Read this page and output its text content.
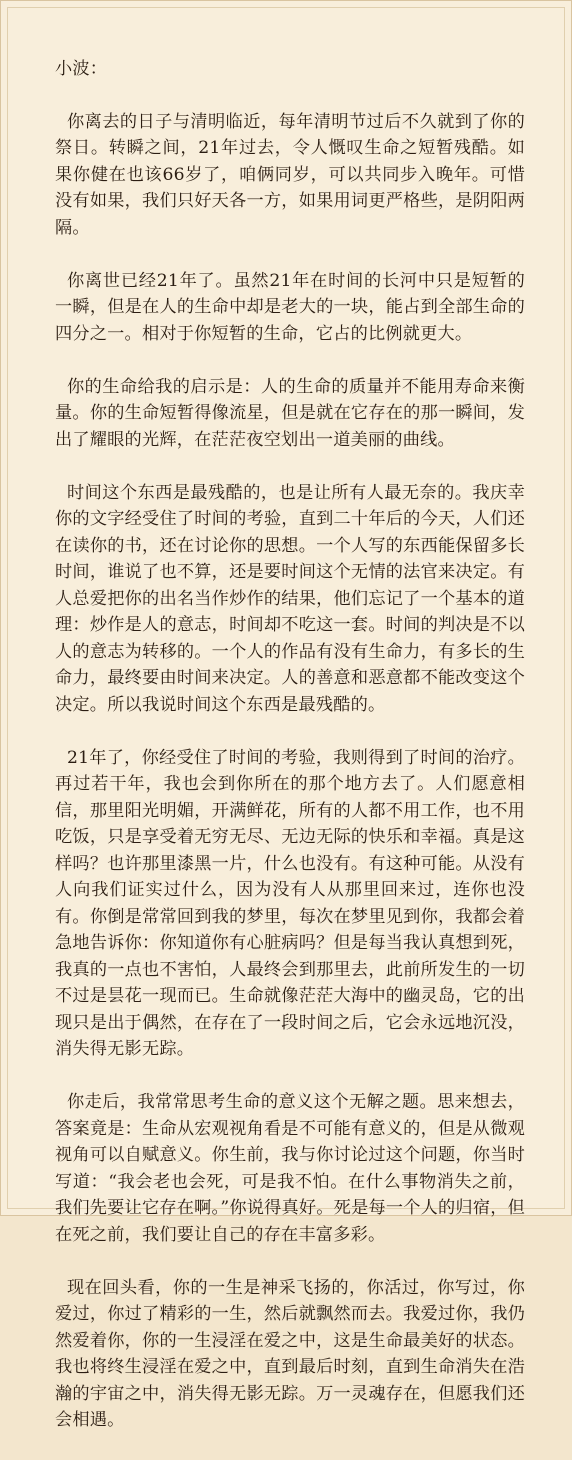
小波：

你离去的日子与清明临近，每年清明节过后不久就到了你的祭日。转瞬之间，21年过去，令人慨叹生命之短暂残酷。如果你健在也该66岁了，咱俩同岁，可以共同步入晚年。可惜没有如果，我们只好天各一方，如果用词更严格些，是阴阳两隔。

你离世已经21年了。虽然21年在时间的长河中只是短暂的一瞬，但是在人的生命中却是老大的一块，能占到全部生命的四分之一。相对于你短暂的生命，它占的比例就更大。

你的生命给我的启示是：人的生命的质量并不能用寿命来衡量。你的生命短暂得像流星，但是就在它存在的那一瞬间，发出了耀眼的光辉，在茫茫夜空划出一道美丽的曲线。

时间这个东西是最残酷的，也是让所有人最无奈的。我庆幸你的文字经受住了时间的考验，直到二十年后的今天，人们还在读你的书，还在讨论你的思想。一个人写的东西能保留多长时间，谁说了也不算，还是要时间这个无情的法官来决定。有人总爱把你的出名当作炒作的结果，他们忘记了一个基本的道理：炒作是人的意志，时间却不吃这一套。时间的判决是不以人的意志为转移的。一个人的作品有没有生命力，有多长的生命力，最终要由时间来决定。人的善意和恶意都不能改变这个决定。所以我说时间这个东西是最残酷的。

21年了，你经受住了时间的考验，我则得到了时间的治疗。再过若干年，我也会到你所在的那个地方去了。人们愿意相信，那里阳光明媚，开满鲜花，所有的人都不用工作，也不用吃饭，只是享受着无穷无尽、无边无际的快乐和幸福。真是这样吗？也许那里漆黑一片，什么也没有。有这种可能。从没有人向我们证实过什么，因为没有人从那里回来过，连你也没有。你倒是常常回到我的梦里，每次在梦里见到你，我都会着急地告诉你：你知道你有心脏病吗？但是每当我认真想到死，我真的一点也不害怕，人最终会到那里去，此前所发生的一切不过是昙花一现而已。生命就像茫茫大海中的幽灵岛，它的出现只是出于偶然，在存在了一段时间之后，它会永远地沉没，消失得无影无踪。

你走后，我常常思考生命的意义这个无解之题。思来想去，答案竟是：生命从宏观视角看是不可能有意义的，但是从微观视角可以自赋意义。你生前，我与你讨论过这个问题，你当时写道：“我会老也会死，可是我不怕。在什么事物消失之前，我们先要让它存在啊。”你说得真好。死是每一个人的归宿，但在死之前，我们要让自己的存在丰富多彩。

现在回头看，你的一生是神采飞扬的，你活过，你写过，你爱过，你过了精彩的一生，然后就飘然而去。我爱过你，我仍然爱着你，你的一生浸淫在爱之中，这是生命最美好的状态。我也将终生浸淫在爱之中，直到最后时刻，直到生命消失在浩瀚的宇宙之中，消失得无影无踪。万一灵魂存在，但愿我们还会相遇。
